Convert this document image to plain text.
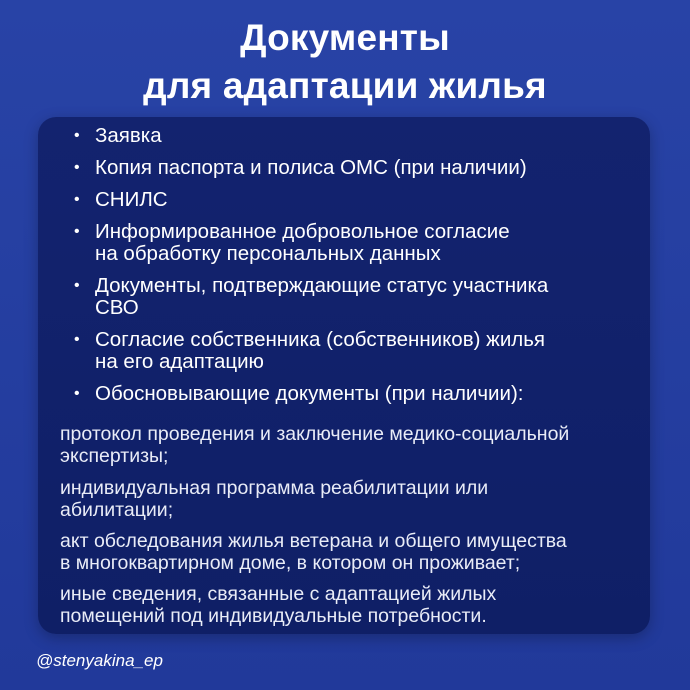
Документы
для адаптации жилья
• Заявка
• Копия паспорта и полиса ОМС (при наличии)
• СНИЛС
• Информированное добровольное согласие
на обработку персональных данных
• Документы, подтверждающие статус участника
СВО
• Согласие собственника (собственников) жилья
на его адаптацию
• Обосновывающие документы (при наличии):
протокол проведения и заключение медико-социальной
экспертизы;
индивидуальная программа реабилитации или
абилитации;
акт обследования жилья ветерана и общего имущества
в многоквартирном доме, в котором он проживает;
иные сведения, связанные с адаптацией жилых
помещений под индивидуальные потребности.
@stenyakina_ep
